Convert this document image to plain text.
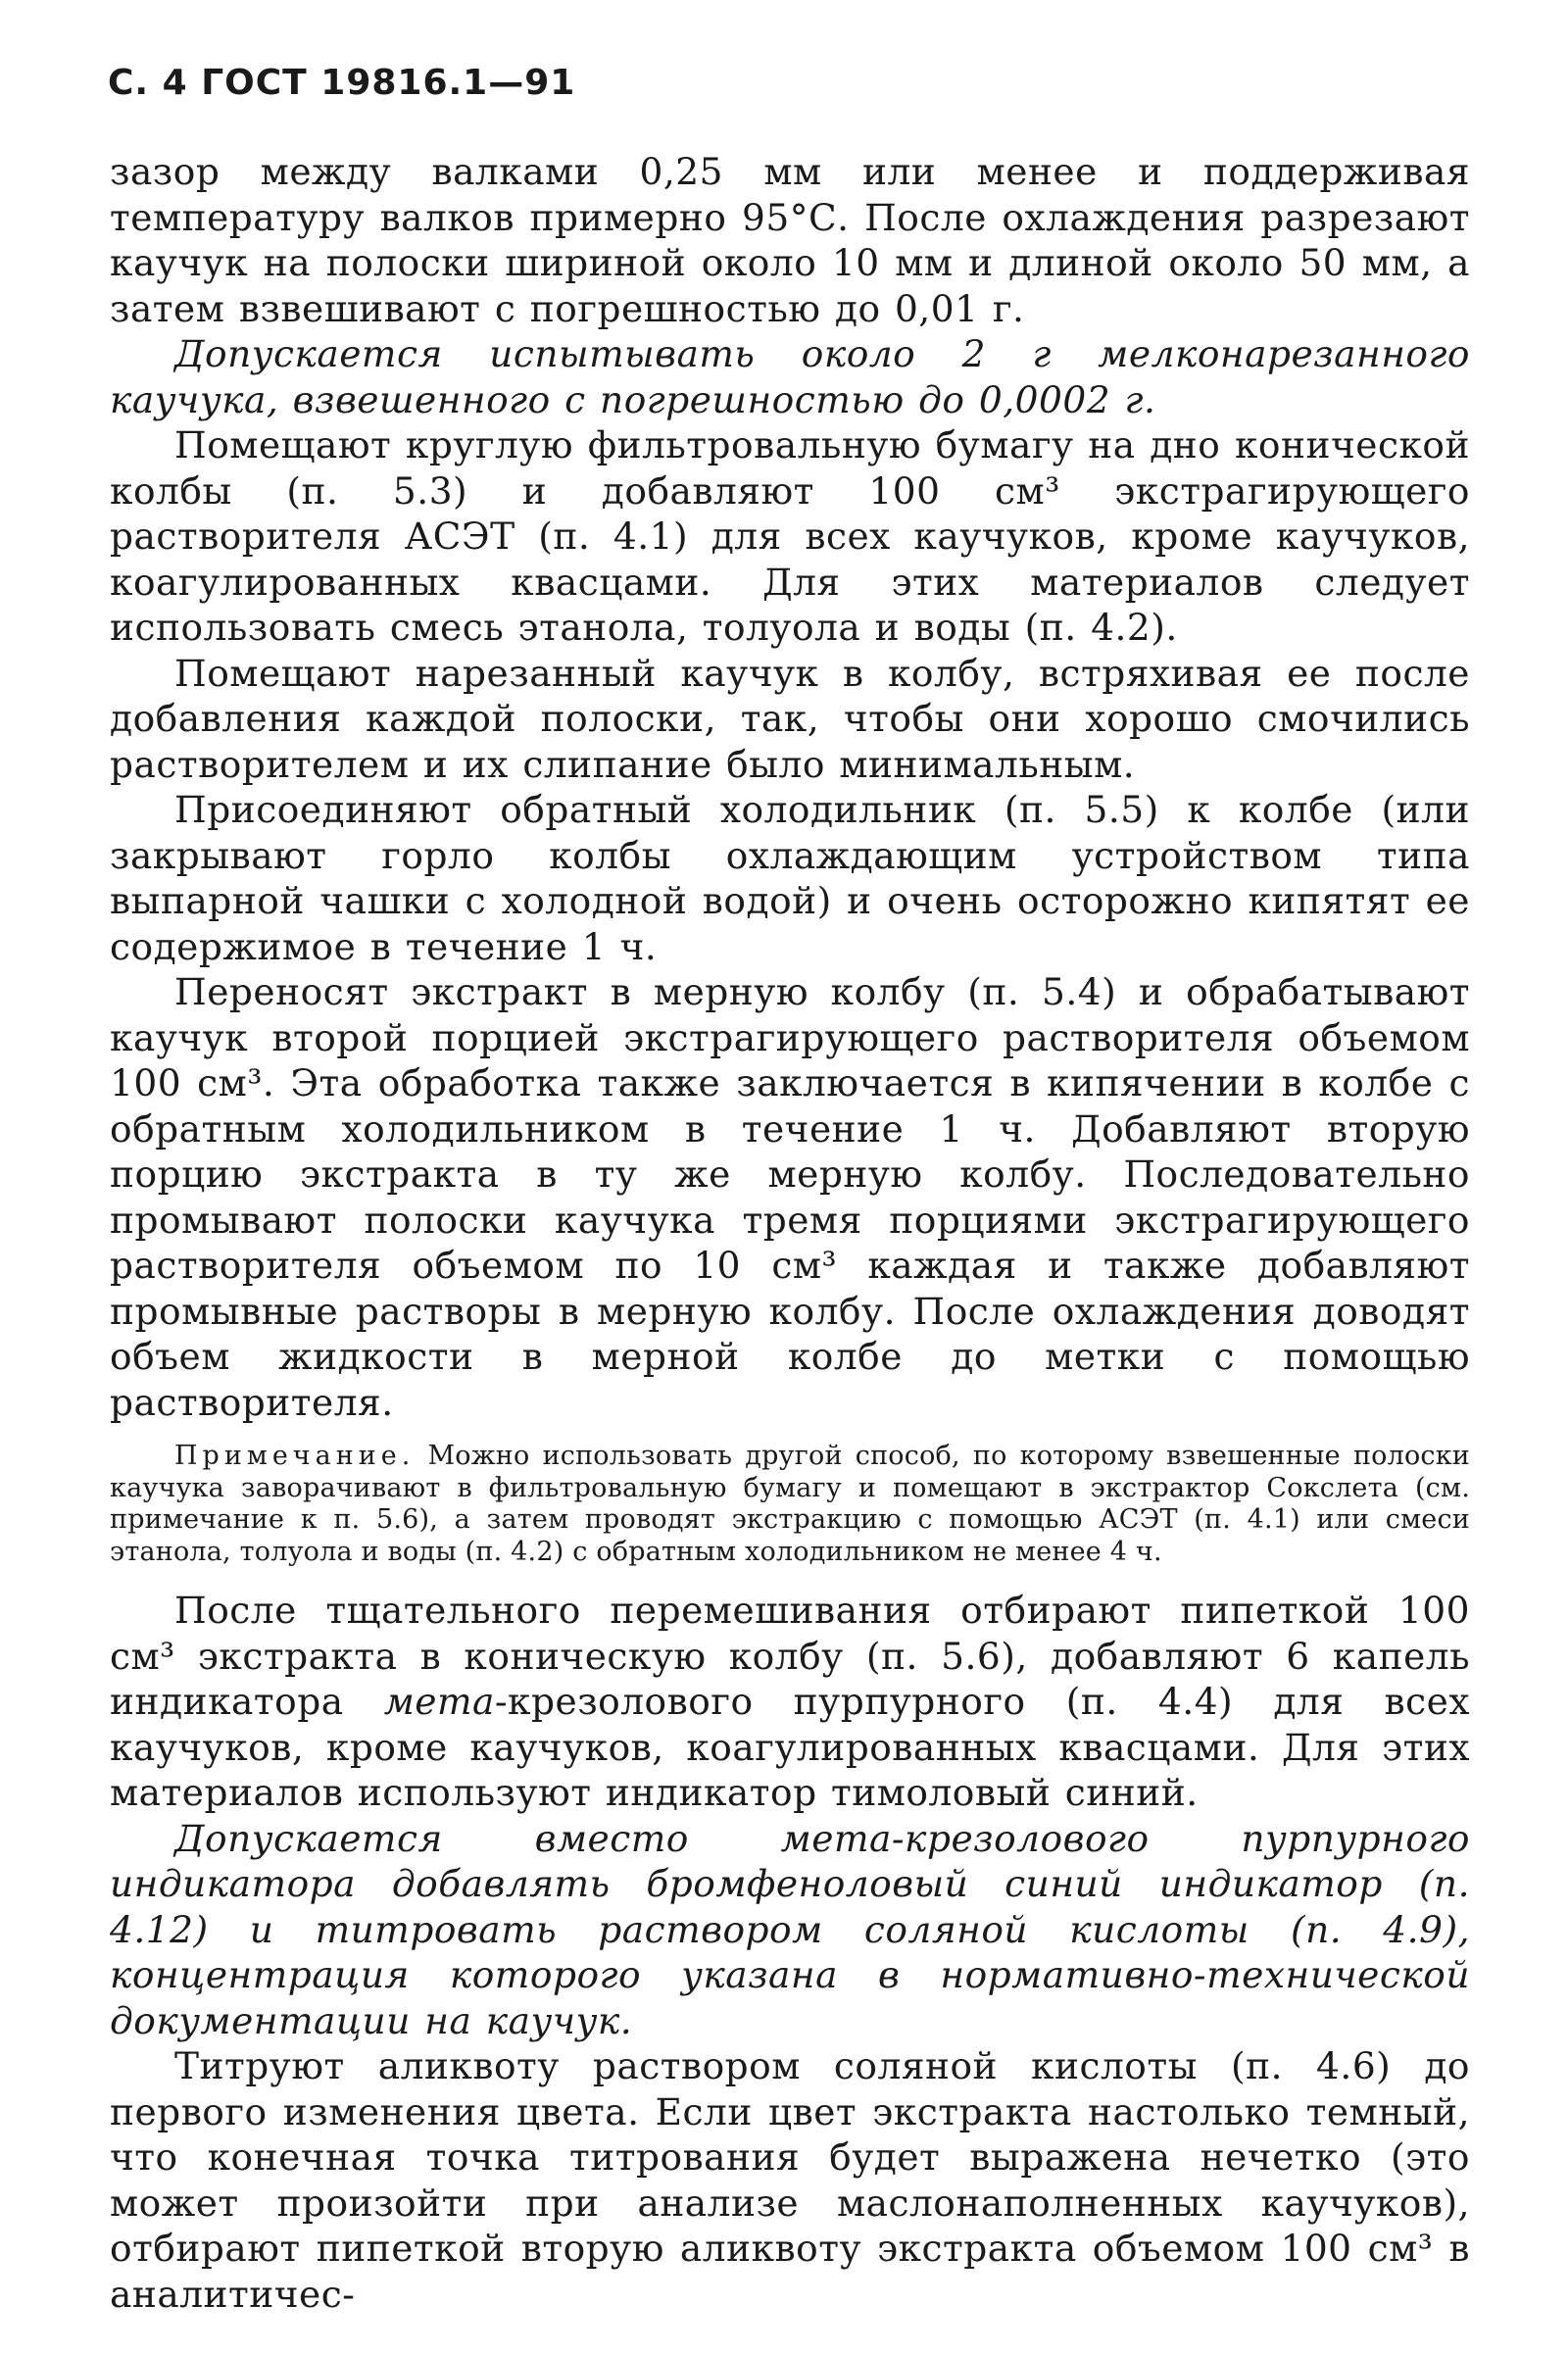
С. 4 ГОСТ 19816.1—91

зазор между валками 0,25 мм или менее и поддерживая температуру валков примерно 95°С. После охлаждения разрезают каучук на полоски шириной около 10 мм и длиной около 50 мм, а затем взвешивают с погрешностью до 0,01 г.

Допускается испытывать около 2 г мелконарезанного каучука, взвешенного с погрешностью до 0,0002 г.

Помещают круглую фильтровальную бумагу на дно конической колбы (п. 5.3) и добавляют 100 см³ экстрагирующего растворителя АСЭТ (п. 4.1) для всех каучуков, кроме каучуков, коагулированных квасцами. Для этих материалов следует использовать смесь этанола, толуола и воды (п. 4.2).

Помещают нарезанный каучук в колбу, встряхивая ее после добавления каждой полоски, так, чтобы они хорошо смочились растворителем и их слипание было минимальным.

Присоединяют обратный холодильник (п. 5.5) к колбе (или закрывают горло колбы охлаждающим устройством типа выпарной чашки с холодной водой) и очень осторожно кипятят ее содержимое в течение 1 ч.

Переносят экстракт в мерную колбу (п. 5.4) и обрабатывают каучук второй порцией экстрагирующего растворителя объемом 100 см³. Эта обработка также заключается в кипячении в колбе с обратным холодильником в течение 1 ч. Добавляют вторую порцию экстракта в ту же мерную колбу. Последовательно промывают полоски каучука тремя порциями экстрагирующего растворителя объемом по 10 см³ каждая и также добавляют промывные растворы в мерную колбу. После охлаждения доводят объем жидкости в мерной колбе до метки с помощью растворителя.

Примечание. Можно использовать другой способ, по которому взвешенные полоски каучука заворачивают в фильтровальную бумагу и помещают в экстрактор Сокслета (см. примечание к п. 5.6), а затем проводят экстракцию с помощью АСЭТ (п. 4.1) или смеси этанола, толуола и воды (п. 4.2) с обратным холодильником не менее 4 ч.

После тщательного перемешивания отбирают пипеткой 100 см³ экстракта в коническую колбу (п. 5.6), добавляют 6 капель индикатора мета-крезолового пурпурного (п. 4.4) для всех каучуков, кроме каучуков, коагулированных квасцами. Для этих материалов используют индикатор тимоловый синий.

Допускается вместо мета-крезолового пурпурного индикатора добавлять бромфеноловый синий индикатор (п. 4.12) и титровать раствором соляной кислоты (п. 4.9), концентрация которого указана в нормативно-технической документации на каучук.

Титруют аликвоту раствором соляной кислоты (п. 4.6) до первого изменения цвета. Если цвет экстракта настолько темный, что конечная точка титрования будет выражена нечетко (это может произойти при анализе маслонаполненных каучуков), отбирают пипеткой вторую аликвоту экстракта объемом 100 см³ в аналитичес-
